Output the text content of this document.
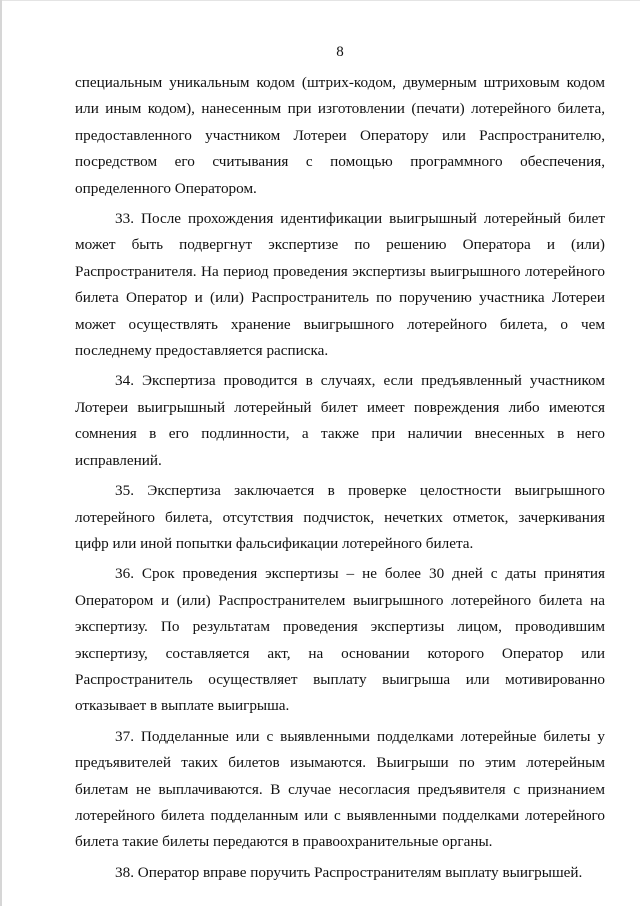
8

специальным уникальным кодом (штрих-кодом, двумерным штриховым кодом или иным кодом), нанесенным при изготовлении (печати) лотерейного билета, предоставленного участником Лотереи Оператору или Распространителю, посредством его считывания с помощью программного обеспечения, определенного Оператором.

33. После прохождения идентификации выигрышный лотерейный билет может быть подвергнут экспертизе по решению Оператора и (или) Распространителя. На период проведения экспертизы выигрышного лотерейного билета Оператор и (или) Распространитель по поручению участника Лотереи может осуществлять хранение выигрышного лотерейного билета, о чем последнему предоставляется расписка.

34. Экспертиза проводится в случаях, если предъявленный участником Лотереи выигрышный лотерейный билет имеет повреждения либо имеются сомнения в его подлинности, а также при наличии внесенных в него исправлений.

35. Экспертиза заключается в проверке целостности выигрышного лотерейного билета, отсутствия подчисток, нечетких отметок, зачеркивания цифр или иной попытки фальсификации лотерейного билета.

36. Срок проведения экспертизы – не более 30 дней с даты принятия Оператором и (или) Распространителем выигрышного лотерейного билета на экспертизу. По результатам проведения экспертизы лицом, проводившим экспертизу, составляется акт, на основании которого Оператор или Распространитель осуществляет выплату выигрыша или мотивированно отказывает в выплате выигрыша.

37. Подделанные или с выявленными подделками лотерейные билеты у предъявителей таких билетов изымаются. Выигрыши по этим лотерейным билетам не выплачиваются. В случае несогласия предъявителя с признанием лотерейного билета подделанным или с выявленными подделками лотерейного билета такие билеты передаются в правоохранительные органы.

38. Оператор вправе поручить Распространителям выплату выигрышей.
